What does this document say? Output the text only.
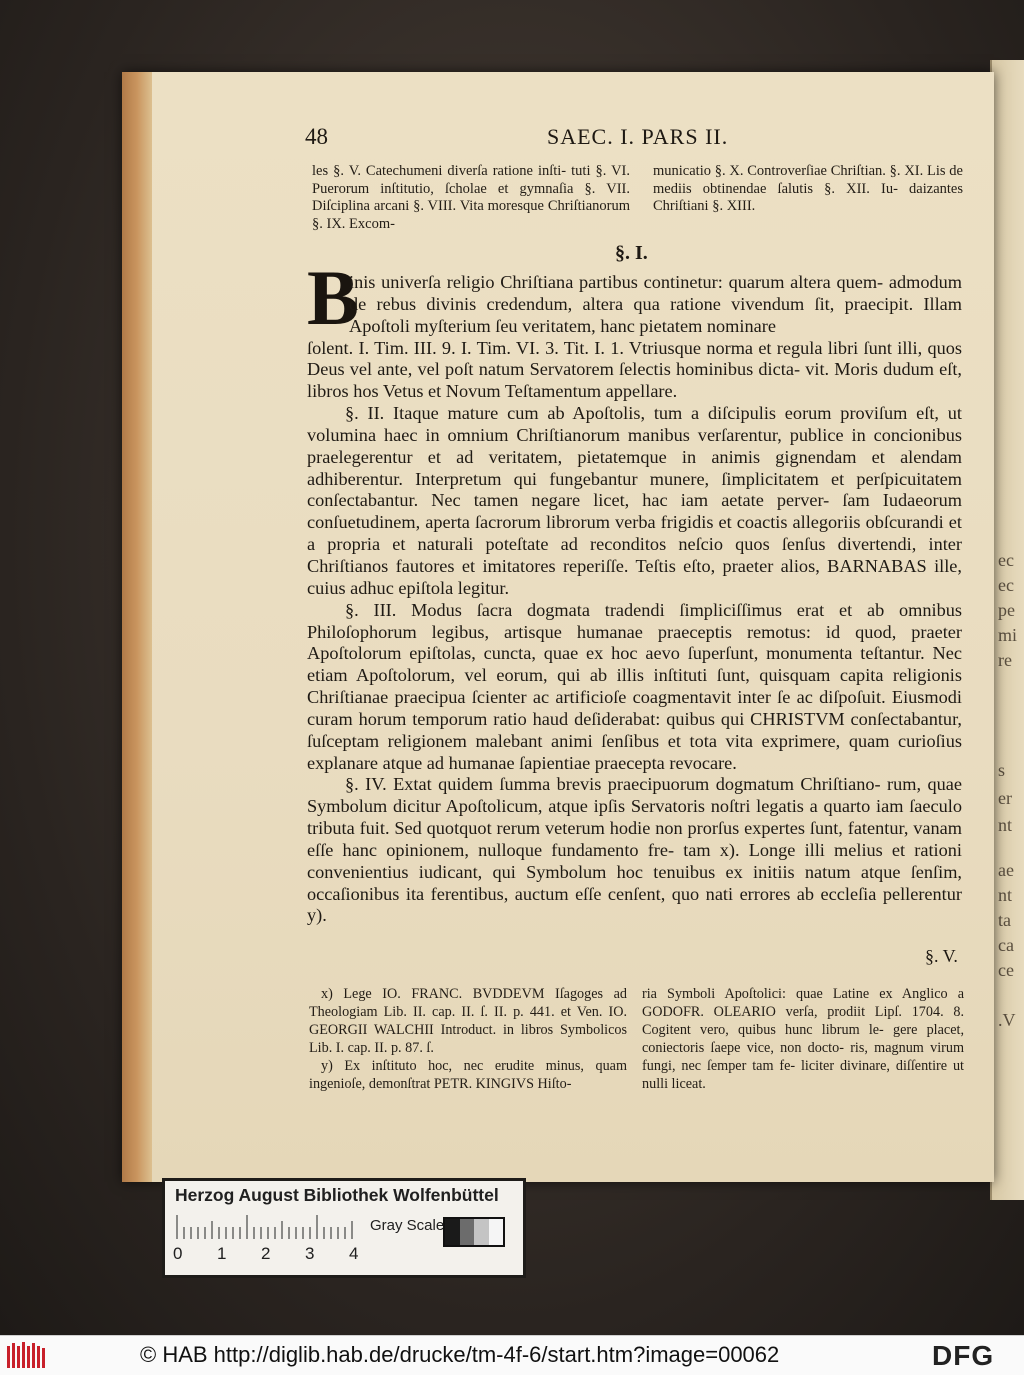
ec
ec
pe
mi
re
s
er
nt
ae
nt
ta
ca
ce
.V
48	SAEC. I. PARS II.
les §. V. Catechumeni diverſa ratione inſti- tuti §. VI. Puerorum inſtitutio, ſcholae et gymnaſia §. VII. Diſciplina arcani §. VIII. Vita moresque Chriſtianorum §. IX. Excom-
municatio §. X. Controverſiae Chriſtian. §. XI. Lis de mediis obtinendae ſalutis §. XII. Iu- daizantes Chriſtiani §. XIII.
§. I.
B

inis univerſa religio Chriſtiana partibus continetur: quarum altera quem- admodum de rebus divinis credendum, altera qua ratione vivendum ſit, praecipit. Illam Apoſtoli myſterium ſeu veritatem, hanc pietatem nominare

ſolent. I. Tim. III. 9. I. Tim. VI. 3. Tit. I. 1. Vtriusque norma et regula libri ſunt illi, quos Deus vel ante, vel poſt natum Servatorem ſelectis hominibus dicta- vit. Moris dudum eſt, libros hos Vetus et Novum Teſtamentum appellare.

§. II. Itaque mature cum ab Apoſtolis, tum a diſcipulis eorum proviſum eſt, ut volumina haec in omnium Chriſtianorum manibus verſarentur, publice in concionibus praelegerentur et ad veritatem, pietatemque in animis gignendam et alendam adhiberentur. Interpretum qui fungebantur munere, ſimplicitatem et perſpicuitatem conſectabantur. Nec tamen negare licet, hac iam aetate perver- ſam Iudaeorum conſuetudinem, aperta ſacrorum librorum verba frigidis et coactis allegoriis obſcurandi et a propria et naturali poteſtate ad reconditos neſcio quos ſenſus divertendi, inter Chriſtianos fautores et imitatores reperiſſe. Teſtis eſto, praeter alios, BARNABAS ille, cuius adhuc epiſtola legitur.

§. III. Modus ſacra dogmata tradendi ſimpliciſſimus erat et ab omnibus Philoſophorum legibus, artisque humanae praeceptis remotus: id quod, praeter Apoſtolorum epiſtolas, cuncta, quae ex hoc aevo ſuperſunt, monumenta teſtantur. Nec etiam Apoſtolorum, vel eorum, qui ab illis inſtituti ſunt, quisquam capita religionis Chriſtianae praecipua ſcienter ac artificioſe coagmentavit inter ſe ac diſpoſuit. Eiusmodi curam horum temporum ratio haud deſiderabat: quibus qui CHRISTVM conſectabantur, ſuſceptam religionem malebant animi ſenſibus et tota vita exprimere, quam curioſius explanare atque ad humanae ſapientiae praecepta revocare.

§. IV. Extat quidem ſumma brevis praecipuorum dogmatum Chriſtiano- rum, quae Symbolum dicitur Apoſtolicum, atque ipſis Servatoris noſtri legatis a quarto iam ſaeculo tributa fuit. Sed quotquot rerum veterum hodie non prorſus expertes ſunt, fatentur, vanam eſſe hanc opinionem, nulloque fundamento fre- tam x). Longe illi melius et rationi convenientius iudicant, qui Symbolum hoc tenuibus ex initiis natum atque ſenſim, occaſionibus ita ferentibus, auctum eſſe cenſent, quo nati errores ab eccleſia pellerentur y).

§. V.

x) Lege IO. FRANC. BVDDEVM Iſagoges ad Theologiam Lib. II. cap. II. ſ. II. p. 441. et Ven. IO. GEORGII WALCHII Introduct. in libros Symbolicos Lib. I. cap. II. p. 87. ſ.

y) Ex inſtituto hoc, nec erudite minus, quam ingenioſe, demonſtrat PETR. KINGIVS Hiſto-

ria Symboli Apoſtolici: quae Latine ex Anglico a GODOFR. OLEARIO verſa, prodiit Lipſ. 1704. 8. Cogitent vero, quibus hunc librum le- gere placet, coniectoris ſaepe vice, non docto- ris, magnum virum fungi, nec ſemper tam fe- liciter divinare, diſſentire ut nulli liceat.

Herzog August Bibliothek Wolfenbüttel
Gray Scale
0 1 2 3 4
© HAB http://diglib.hab.de/drucke/tm-4f-6/start.htm?image=00062	DFG
